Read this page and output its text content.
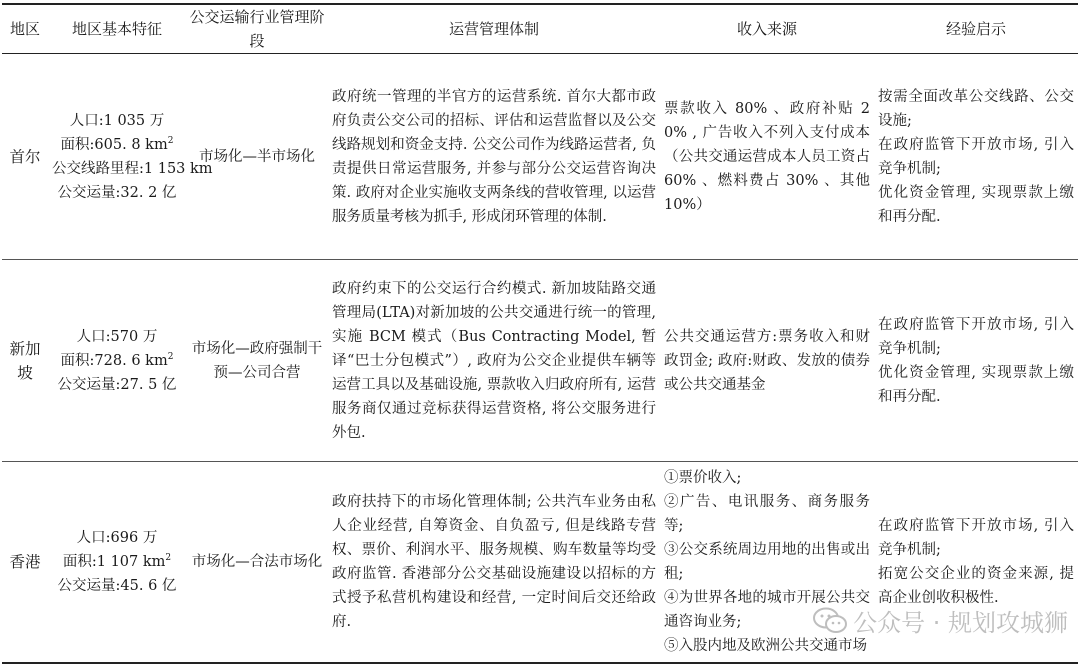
地区	地区基本特征	公交运输行业管理阶段	运营管理体制	收入来源	经验启示
首尔	人口:1 035 万
面积:605. 8 $km^2$
公交线路里程:1 153 km
公交运量:32. 2 亿	市场化—半市场化	政府统一管理的半官方的运营系统. 首尔大都市政府负责公交公司的招标、评估和运营监督以及公交线路规划和资金支持. 公交公司作为线路运营者, 负责提供日常运营服务, 并参与部分公交运营咨询决策. 政府对企业实施收支两条线的营收管理, 以运营服务质量考核为抓手, 形成闭环管理的体制.	票款收入 80% 、政府补贴 20% , 广告收入不列入支付成本（公共交通运营成本人员工资占 60% 、燃料费占 30% 、其他 10%）	按需全面改革公交线路、公交设施;
在政府监管下开放市场, 引入竞争机制;
优化资金管理, 实现票款上缴和再分配.

新加坡	人口:570 万
面积:728. 6 $km^2$
公交运量:27. 5 亿	市场化—政府强制干预—公司合营	政府约束下的公交运行合约模式. 新加坡陆路交通管理局(LTA)对新加坡的公共交通进行统一的管理, 实施 BCM 模式（Bus Contracting Model, 暂译“巴士分包模式”）, 政府为公交企业提供车辆等运营工具以及基础设施, 票款收入归政府所有, 运营服务商仅通过竞标获得运营资格, 将公交服务进行外包.	公共交通运营方:票务收入和财政罚金; 政府:财政、发放的债券或公共交通基金	在政府监管下开放市场, 引入竞争机制;
优化资金管理, 实现票款上缴和再分配.

香港	人口:696 万
面积:1 107 $km^2$
公交运量:45. 6 亿	市场化—合法市场化	政府扶持下的市场化管理体制; 公共汽车业务由私人企业经营, 自筹资金、自负盈亏, 但是线路专营权、票价、利润水平、服务规模、购车数量等均受政府监管. 香港部分公交基础设施建设以招标的方式授予私营机构建设和经营, 一定时间后交还给政府.	①票价收入;
②广告、电讯服务、商务服务等;
③公交系统周边用地的出售或出租;
④为世界各地的城市开展公共交通咨询业务;
⑤入股内地及欧洲公共交通市场	在政府监管下开放市场, 引入竞争机制;
拓宽公交企业的资金来源, 提高企业创收积极性.
公众号 · 规划攻城狮
